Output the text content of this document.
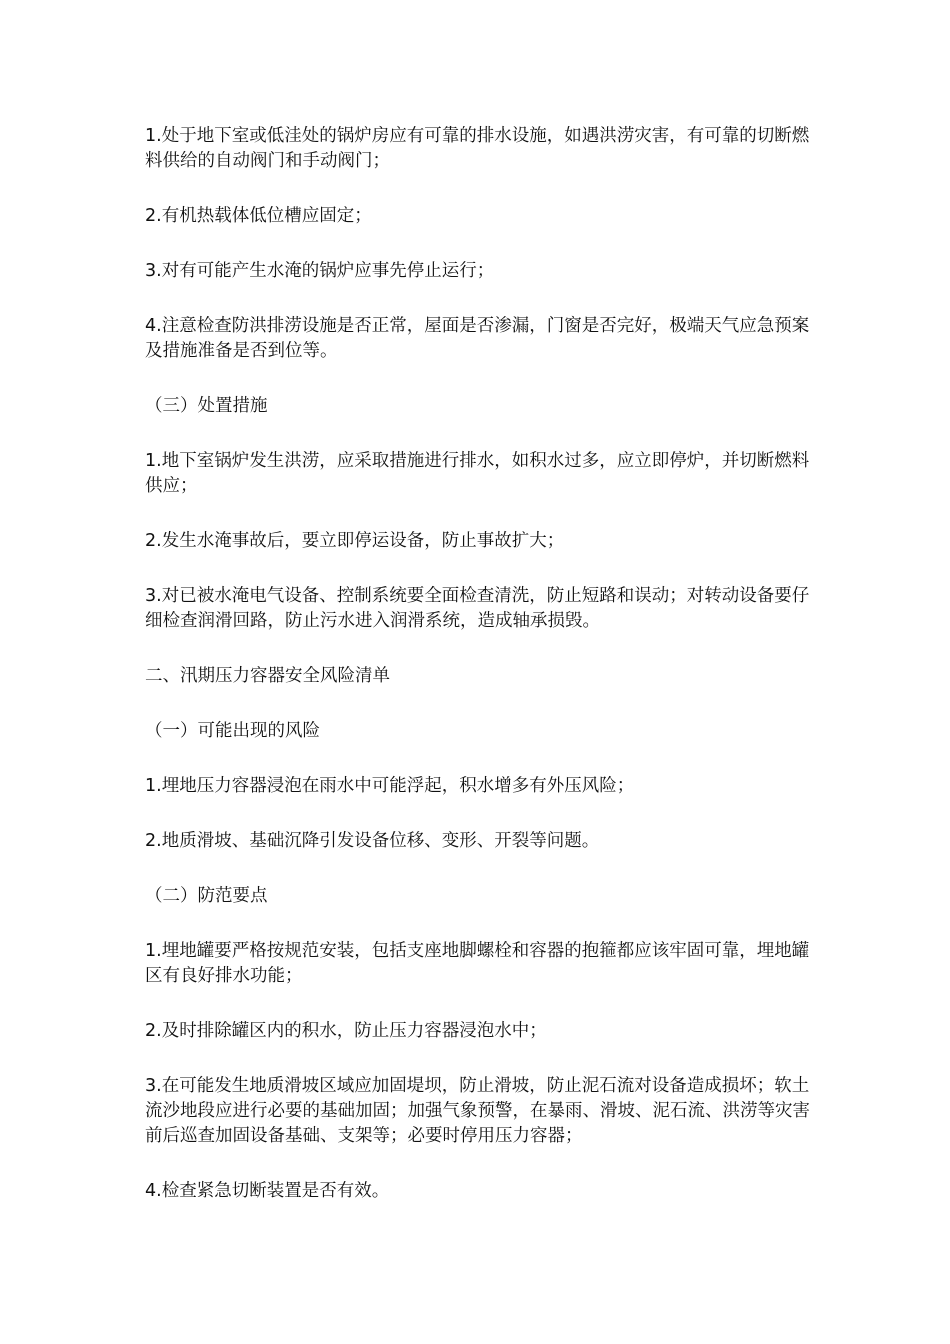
1.处于地下室或低洼处的锅炉房应有可靠的排水设施，如遇洪涝灾害，有可靠的切断燃料供给的自动阀门和手动阀门；

2.有机热载体低位槽应固定；

3.对有可能产生水淹的锅炉应事先停止运行；

4.注意检查防洪排涝设施是否正常，屋面是否渗漏，门窗是否完好，极端天气应急预案及措施准备是否到位等。

（三）处置措施

1.地下室锅炉发生洪涝，应采取措施进行排水，如积水过多，应立即停炉，并切断燃料供应；

2.发生水淹事故后，要立即停运设备，防止事故扩大；

3.对已被水淹电气设备、控制系统要全面检查清洗，防止短路和误动；对转动设备要仔细检查润滑回路，防止污水进入润滑系统，造成轴承损毁。

二、汛期压力容器安全风险清单

（一）可能出现的风险

1.埋地压力容器浸泡在雨水中可能浮起，积水增多有外压风险；

2.地质滑坡、基础沉降引发设备位移、变形、开裂等问题。

（二）防范要点

1.埋地罐要严格按规范安装，包括支座地脚螺栓和容器的抱箍都应该牢固可靠，埋地罐区有良好排水功能；

2.及时排除罐区内的积水，防止压力容器浸泡水中；

3.在可能发生地质滑坡区域应加固堤坝，防止滑坡，防止泥石流对设备造成损坏；软土流沙地段应进行必要的基础加固；加强气象预警，在暴雨、滑坡、泥石流、洪涝等灾害前后巡查加固设备基础、支架等；必要时停用压力容器；

4.检查紧急切断装置是否有效。
